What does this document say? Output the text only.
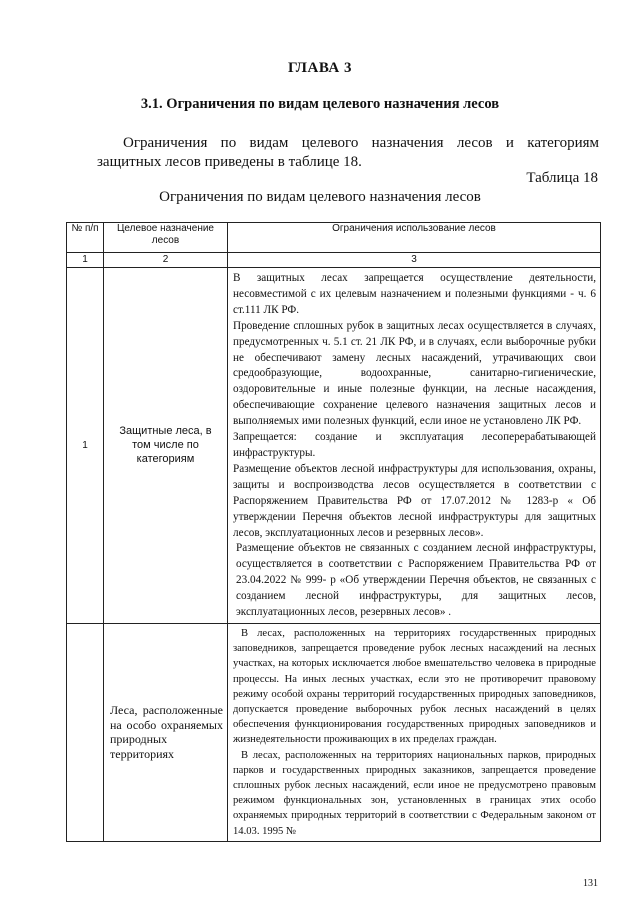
ГЛАВА 3
3.1. Ограничения по видам целевого назначения лесов
Ограничения по видам целевого назначения лесов и категориям защитных лесов приведены в таблице 18.
Таблица 18
Ограничения по видам целевого назначения лесов
№ п/п	Целевое назначение лесов	Ограничения использование лесов
1	2	3
1	Защитные леса, в том числе по категориям	В защитных лесах запрещается осуществление деятельности, несовместимой с их целевым назначением и полезными функциями - ч. 6 ст.111 ЛК РФ.

Проведение сплошных рубок в защитных лесах осуществляется в случаях, предусмотренных ч. 5.1 ст. 21 ЛК РФ, и в случаях, если выборочные рубки не обеспечивают замену лесных насаждений, утрачивающих свои средообразующие, водоохранные, санитарно-гигиенические, оздоровительные и иные полезные функции, на лесные насаждения, обеспечивающие сохранение целевого назначения защитных лесов и выполняемых ими полезных функций, если иное не установлено ЛК РФ.

Запрещается: создание и эксплуатация лесоперерабатывающей инфраструктуры.

Размещение объектов лесной инфраструктуры для использования, охраны, защиты и воспроизводства лесов осуществляется в соответствии с Распоряжением Правительства РФ от 17.07.2012 № 1283-р « Об утверждении Перечня объектов лесной инфраструктуры для защитных лесов, эксплуатационных лесов и резервных лесов».

Размещение объектов не связанных с созданием лесной инфраструктуры, осуществляется в соответствии с Распоряжением Правительства РФ от 23.04.2022 № 999- р «Об утверждении Перечня объектов, не связанных с созданием лесной инфраструктуры, для защитных лесов, эксплуатационных лесов, резервных лесов» .

	Леса, расположенные на особо охраняемых природных территориях	В лесах, расположенных на территориях государственных природных заповедников, запрещается проведение рубок лесных насаждений на лесных участках, на которых исключается любое вмешательство человека в природные процессы. На иных лесных участках, если это не противоречит правовому режиму особой охраны территорий государственных природных заповедников, допускается проведение выборочных рубок лесных насаждений в целях обеспечения функционирования государственных природных заповедников и жизнедеятельности проживающих в их пределах граждан.

В лесах, расположенных на территориях национальных парков, природных парков и государственных природных заказников, запрещается проведение сплошных рубок лесных насаждений, если иное не предусмотрено правовым режимом функциональных зон, установленных в границах этих особо охраняемых природных территорий в соответствии с Федеральным законом от 14.03. 1995 №

131
